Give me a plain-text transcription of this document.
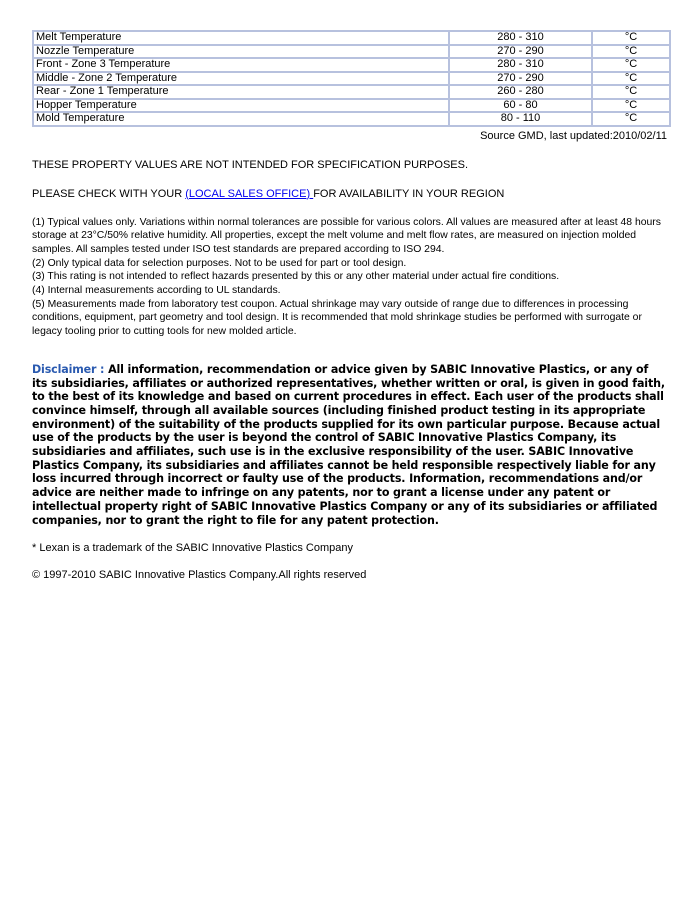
Melt Temperature	280 - 310	°C
Nozzle Temperature	270 - 290	°C
Front - Zone 3 Temperature	280 - 310	°C
Middle - Zone 2 Temperature	270 - 290	°C
Rear - Zone 1 Temperature	260 - 280	°C
Hopper Temperature	60 - 80	°C
Mold Temperature	80 - 110	°C
Source GMD, last updated:2010/02/11
THESE PROPERTY VALUES ARE NOT INTENDED FOR SPECIFICATION PURPOSES.
PLEASE CHECK WITH YOUR (LOCAL SALES OFFICE) FOR AVAILABILITY IN YOUR REGION
(1) Typical values only. Variations within normal tolerances are possible for various colors. All values are measured after at least 48 hours storage at 23°C/50% relative humidity. All properties, except the melt volume and melt flow rates, are measured on injection molded samples. All samples tested under ISO test standards are prepared according to ISO 294.
(2) Only typical data for selection purposes. Not to be used for part or tool design.
(3) This rating is not intended to reflect hazards presented by this or any other material under actual fire conditions.
(4) Internal measurements according to UL standards.
(5) Measurements made from laboratory test coupon. Actual shrinkage may vary outside of range due to differences in processing conditions, equipment, part geometry and tool design. It is recommended that mold shrinkage studies be performed with surrogate or legacy tooling prior to cutting tools for new molded article.
Disclaimer : All information, recommendation or advice given by SABIC Innovative Plastics, or any of its subsidiaries, affiliates or authorized representatives, whether written or oral, is given in good faith, to the best of its knowledge and based on current procedures in effect. Each user of the products shall convince himself, through all available sources (including finished product testing in its appropriate environment) of the suitability of the products supplied for its own particular purpose. Because actual use of the products by the user is beyond the control of SABIC Innovative Plastics Company, its subsidiaries and affiliates, such use is in the exclusive responsibility of the user. SABIC Innovative Plastics Company, its subsidiaries and affiliates cannot be held responsible respectively liable for any loss incurred through incorrect or faulty use of the products. Information, recommendations and/or advice are neither made to infringe on any patents, nor to grant a license under any patent or intellectual property right of SABIC Innovative Plastics Company or any of its subsidiaries or affiliated companies, nor to grant the right to file for any patent protection.
* Lexan is a trademark of the SABIC Innovative Plastics Company
© 1997-2010 SABIC Innovative Plastics Company.All rights reserved
